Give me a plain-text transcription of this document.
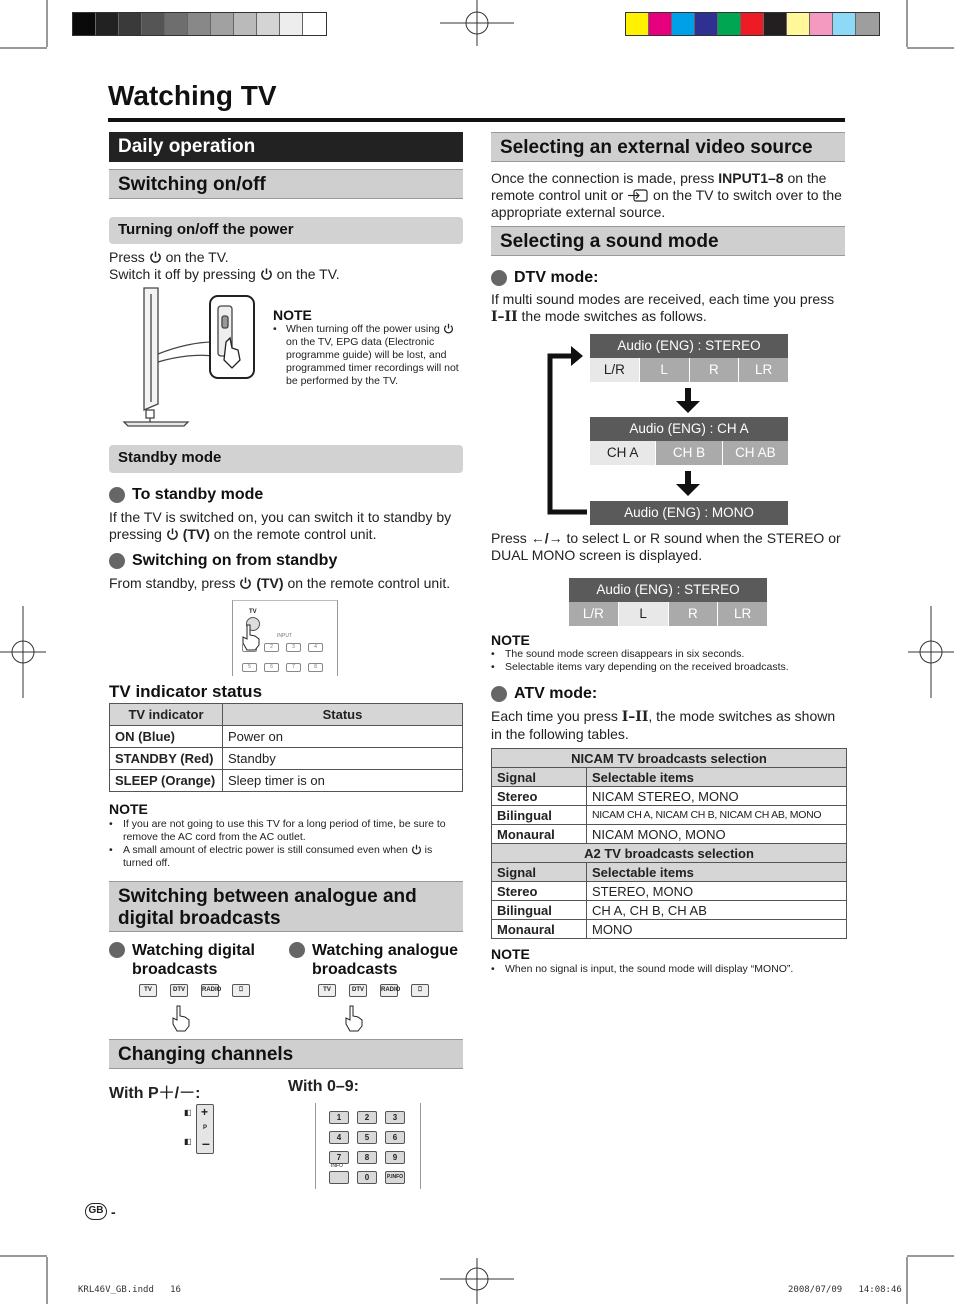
Watching TV
Daily operation
Switching on/off
Turning on/off the power
Press  on the TV.
Switch it off by pressing  on the TV.
NOTE
• When turning off the power using  on the TV, EPG data (Electronic programme guide) will be lost, and programmed timer recordings will not be performed by the TV.
Standby mode
To standby mode
If the TV is switched on, you can switch it to standby by pressing  (TV) on the remote control unit.
Switching on from standby
From standby, press  (TV) on the remote control unit.
TV
INPUT
2	3	4
5	6	7	8
TV indicator status
TV indicator	Status
ON (Blue)	Power on
STANDBY (Red)	Standby
SLEEP (Orange)	Sleep timer is on
NOTE
• If you are not going to use this TV for a long period of time, be sure to remove the AC cord from the AC outlet.
• A small amount of electric power is still consumed even when  is turned off.
Switching between analogue and digital broadcasts
Watching digital broadcasts
Watching analogue broadcasts
TV	DTV	RADIO	⎕	TV	DTV	RADIO	⎕
Changing channels
With P＋/－:	With 0–9:
+
P
–
◧
◧
1	2	3
4	5	6
7	8	9
0	P.INFO
INFO
GB -
Selecting an external video source
Once the connection is made, press INPUT1–8 on the remote control unit or  on the TV to switch over to the appropriate external source.
Selecting a sound mode
DTV mode:
If multi sound modes are received, each time you press I–II the mode switches as follows.
Audio (ENG) : STEREO
L/R	L	R	LR
Audio (ENG) : CH A
CH A	CH B	CH AB
Audio (ENG) : MONO
Press ←/→ to select L or R sound when the STEREO or DUAL MONO screen is displayed.
Audio (ENG) : STEREO
L/R	L	R	LR
NOTE
• The sound mode screen disappears in six seconds.
• Selectable items vary depending on the received broadcasts.
ATV mode:
Each time you press I–II, the mode switches as shown in the following tables.
NICAM TV broadcasts selection	
Signal	Selectable items
Stereo	NICAM STEREO, MONO
Bilingual	NICAM CH A, NICAM CH B, NICAM CH AB, MONO
Monaural	NICAM MONO, MONO
A2 TV broadcasts selection	
Signal	Selectable items
Stereo	STEREO, MONO
Bilingual	CH A, CH B, CH AB
Monaural	MONO
NOTE
• When no signal is input, the sound mode will display “MONO”.
KRL46V_GB.indd   16	2008/07/09   14:08:46
